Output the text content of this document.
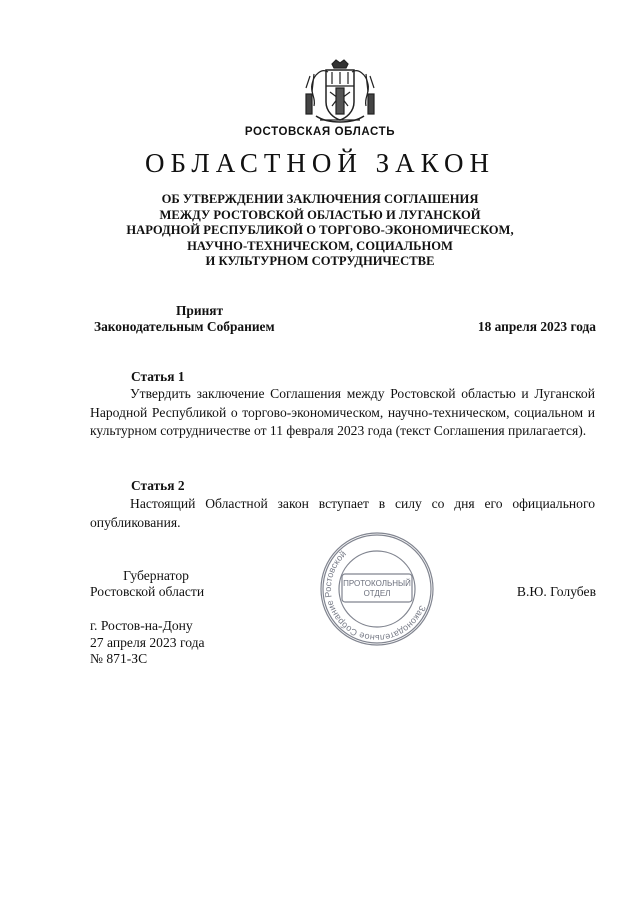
РОСТОВСКАЯ ОБЛАСТЬ
ОБЛАСТНОЙ ЗАКОН
ОБ УТВЕРЖДЕНИИ ЗАКЛЮЧЕНИЯ СОГЛАШЕНИЯ
МЕЖДУ РОСТОВСКОЙ ОБЛАСТЬЮ И ЛУГАНСКОЙ
НАРОДНОЙ РЕСПУБЛИКОЙ О ТОРГОВО-ЭКОНОМИЧЕСКОМ,
НАУЧНО-ТЕХНИЧЕСКОМ, СОЦИАЛЬНОМ
И КУЛЬТУРНОМ СОТРУДНИЧЕСТВЕ
Принят
Законодательным Собранием	18 апреля 2023 года
Статья 1
Утвердить заключение Соглашения между Ростовской областью и Луганской Народной Республикой о торгово-экономическом, научно-техническом, социальном и культурном сотрудничестве от 11 февраля 2023 года (текст Соглашения прилагается).
Статья 2
Настоящий Областной закон вступает в силу со дня его официального опубликования.
Губернатор
Ростовской области	В.Ю. Голубев
г. Ростов-на-Дону
27 апреля 2023 года
№ 871-ЗС
Законодательное Собрание Ростовской
ПРОТОКОЛЬНЫЙ
ОТДЕЛ
